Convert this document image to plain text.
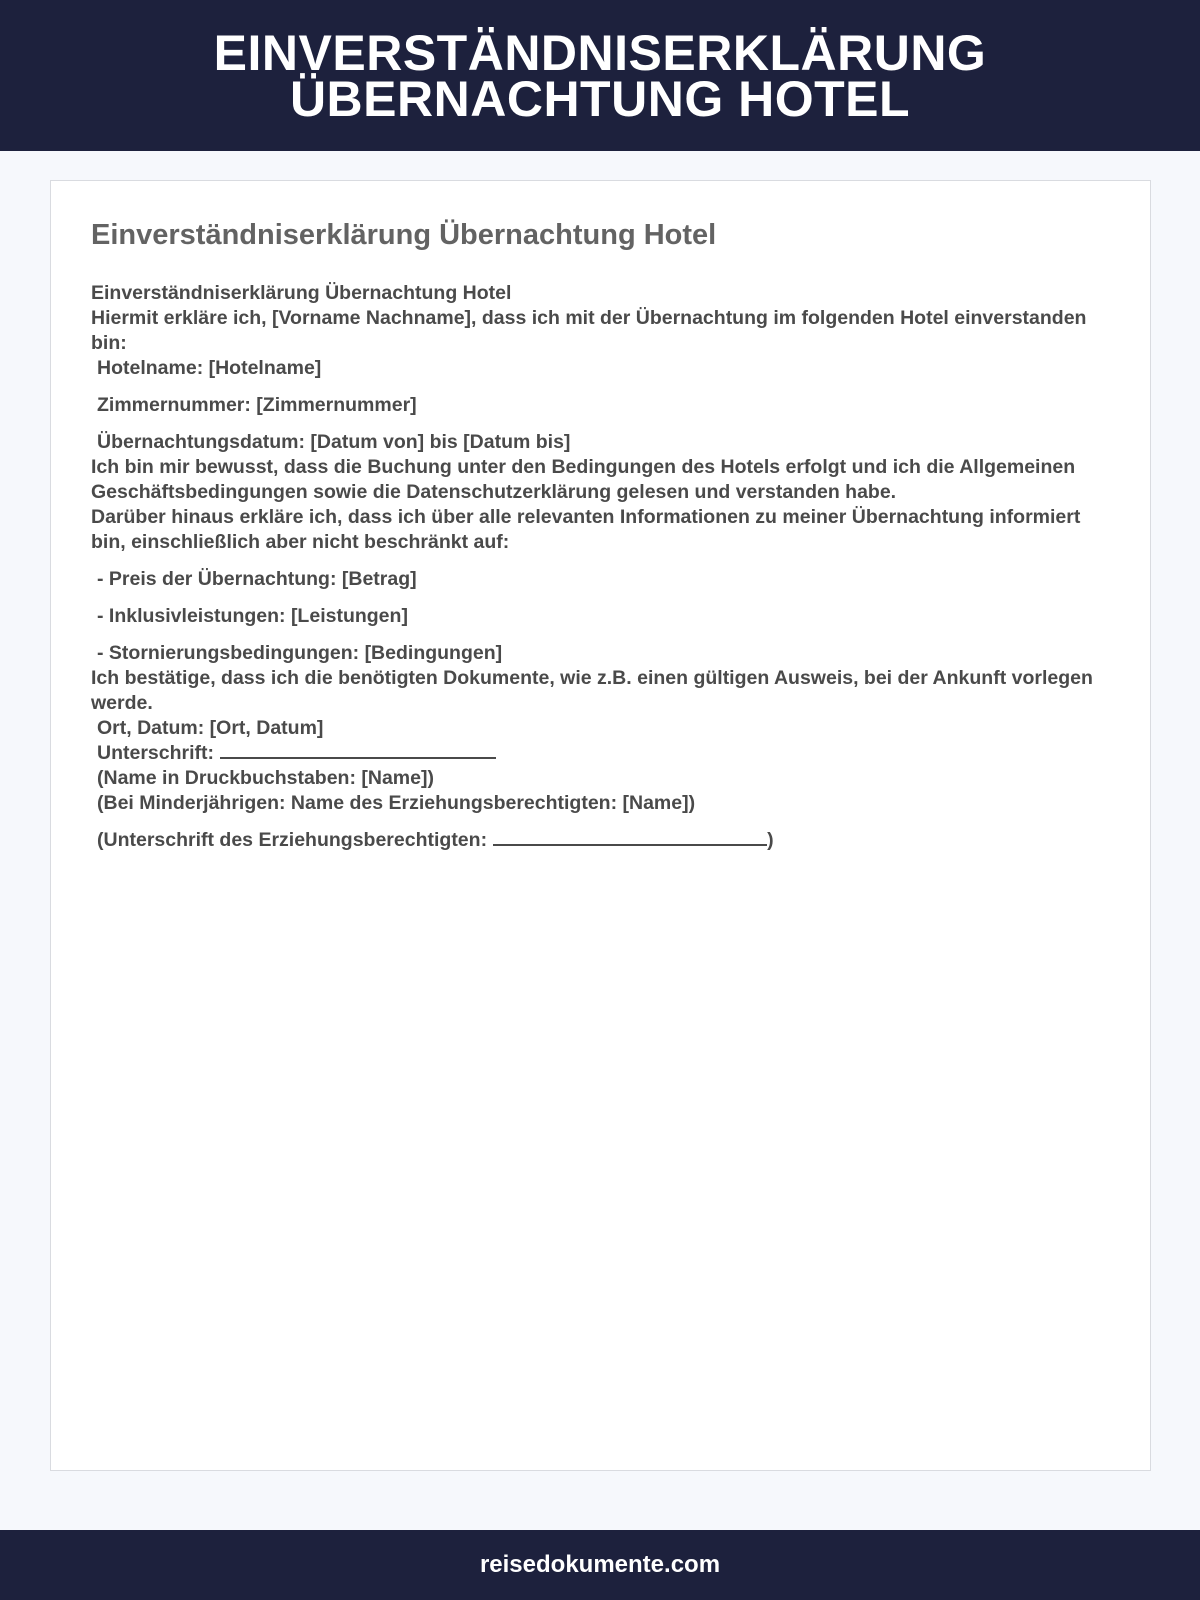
EINVERSTÄNDNISERKLÄRUNG ÜBERNACHTUNG HOTEL
Einverständniserklärung Übernachtung Hotel
Einverständniserklärung Übernachtung Hotel
Hiermit erkläre ich, [Vorname Nachname], dass ich mit der Übernachtung im folgenden Hotel einverstanden bin:
Hotelname: [Hotelname]
Zimmernummer: [Zimmernummer]
Übernachtungsdatum: [Datum von] bis [Datum bis]
Ich bin mir bewusst, dass die Buchung unter den Bedingungen des Hotels erfolgt und ich die Allgemeinen Geschäftsbedingungen sowie die Datenschutzerklärung gelesen und verstanden habe.
Darüber hinaus erkläre ich, dass ich über alle relevanten Informationen zu meiner Übernachtung informiert bin, einschließlich aber nicht beschränkt auf:
- Preis der Übernachtung: [Betrag]
- Inklusivleistungen: [Leistungen]
- Stornierungsbedingungen: [Bedingungen]
Ich bestätige, dass ich die benötigten Dokumente, wie z.B. einen gültigen Ausweis, bei der Ankunft vorlegen werde.
Ort, Datum: [Ort, Datum]
Unterschrift:
(Name in Druckbuchstaben: [Name])
(Bei Minderjährigen: Name des Erziehungsberechtigten: [Name])
(Unterschrift des Erziehungsberechtigten:	)
reisedokumente.com
